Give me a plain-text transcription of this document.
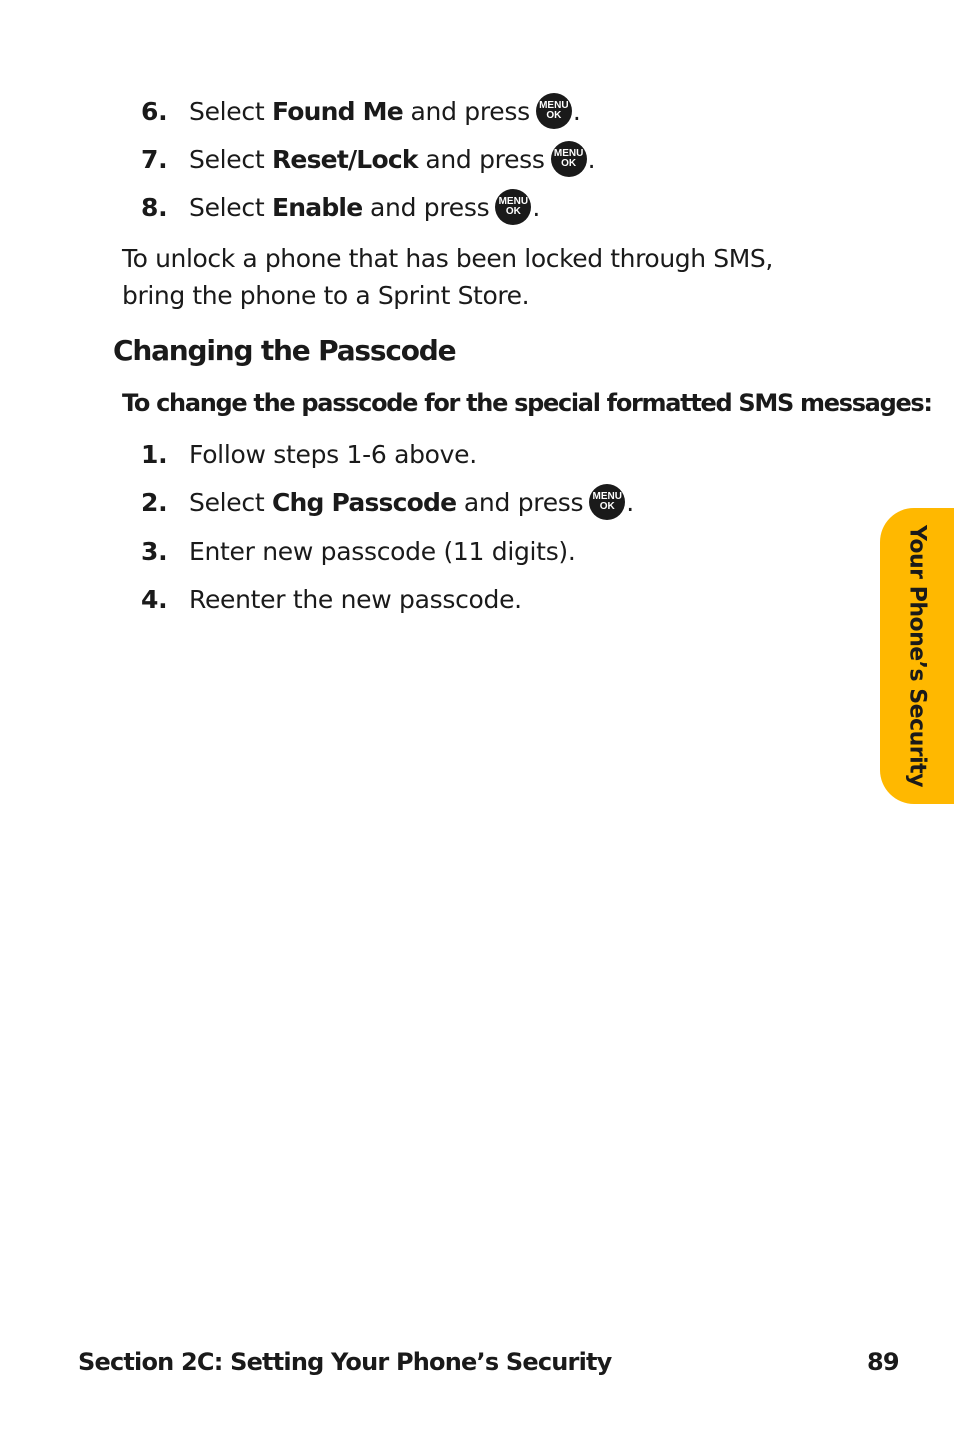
6. Select Found Me and press MENU
OK .
7. Select Reset/Lock and press MENU
OK .
8. Select Enable and press MENU
OK .

To unlock a phone that has been locked through SMS, bring the phone to a Sprint Store.

Changing the Passcode

To change the passcode for the special formatted SMS messages:

1. Follow steps 1-6 above.
2. Select Chg Passcode and press MENU
OK .
3. Enter new passcode (11 digits).
4. Reenter the new passcode.	Your Phone’s Security
Section 2C: Setting Your Phone’s Security	89
